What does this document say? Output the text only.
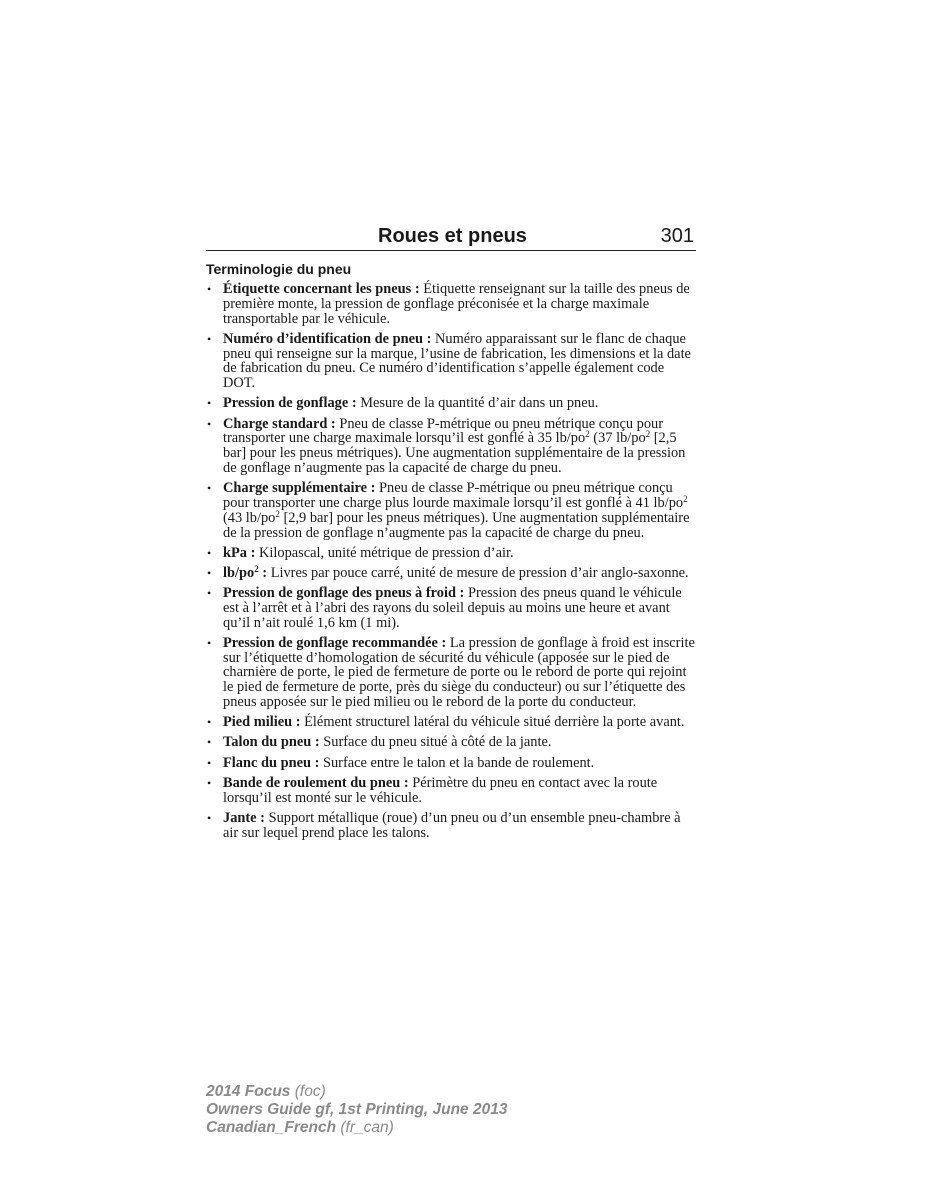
Roues et pneus	301
Terminologie du pneu
• Étiquette concernant les pneus : Étiquette renseignant sur la taille des pneus de première monte, la pression de gonflage préconisée et la charge maximale transportable par le véhicule.
• Numéro d’identification de pneu : Numéro apparaissant sur le flanc de chaque pneu qui renseigne sur la marque, l’usine de fabrication, les dimensions et la date de fabrication du pneu. Ce numéro d’identification s’appelle également code DOT.
• Pression de gonflage : Mesure de la quantité d’air dans un pneu.
• Charge standard : Pneu de classe P-métrique ou pneu métrique conçu pour transporter une charge maximale lorsqu’il est gonflé à 35 $lb/po^2$ (37 $lb/po^2$ [2,5 bar] pour les pneus métriques). Une augmentation supplémentaire de la pression de gonflage n’augmente pas la capacité de charge du pneu.
• Charge supplémentaire : Pneu de classe P-métrique ou pneu métrique conçu pour transporter une charge plus lourde maximale lorsqu’il est gonflé à 41 $lb/po^2$ (43 $lb/po^2$ [2,9 bar] pour les pneus métriques). Une augmentation supplémentaire de la pression de gonflage n’augmente pas la capacité de charge du pneu.
• kPa : Kilopascal, unité métrique de pression d’air.
• $lb/po^2$ : Livres par pouce carré, unité de mesure de pression d’air anglo-saxonne.
• Pression de gonflage des pneus à froid : Pression des pneus quand le véhicule est à l’arrêt et à l’abri des rayons du soleil depuis au moins une heure et avant qu’il n’ait roulé 1,6 km (1 mi).
• Pression de gonflage recommandée : La pression de gonflage à froid est inscrite sur l’étiquette d’homologation de sécurité du véhicule (apposée sur le pied de charnière de porte, le pied de fermeture de porte ou le rebord de porte qui rejoint le pied de fermeture de porte, près du siège du conducteur) ou sur l’étiquette des pneus apposée sur le pied milieu ou le rebord de la porte du conducteur.
• Pied milieu : Élément structurel latéral du véhicule situé derrière la porte avant.
• Talon du pneu : Surface du pneu situé à côté de la jante.
• Flanc du pneu : Surface entre le talon et la bande de roulement.
• Bande de roulement du pneu : Périmètre du pneu en contact avec la route lorsqu’il est monté sur le véhicule.
• Jante : Support métallique (roue) d’un pneu ou d’un ensemble pneu-chambre à air sur lequel prend place les talons.
2014 Focus (foc)
Owners Guide gf, 1st Printing, June 2013
Canadian_French (fr_can)
